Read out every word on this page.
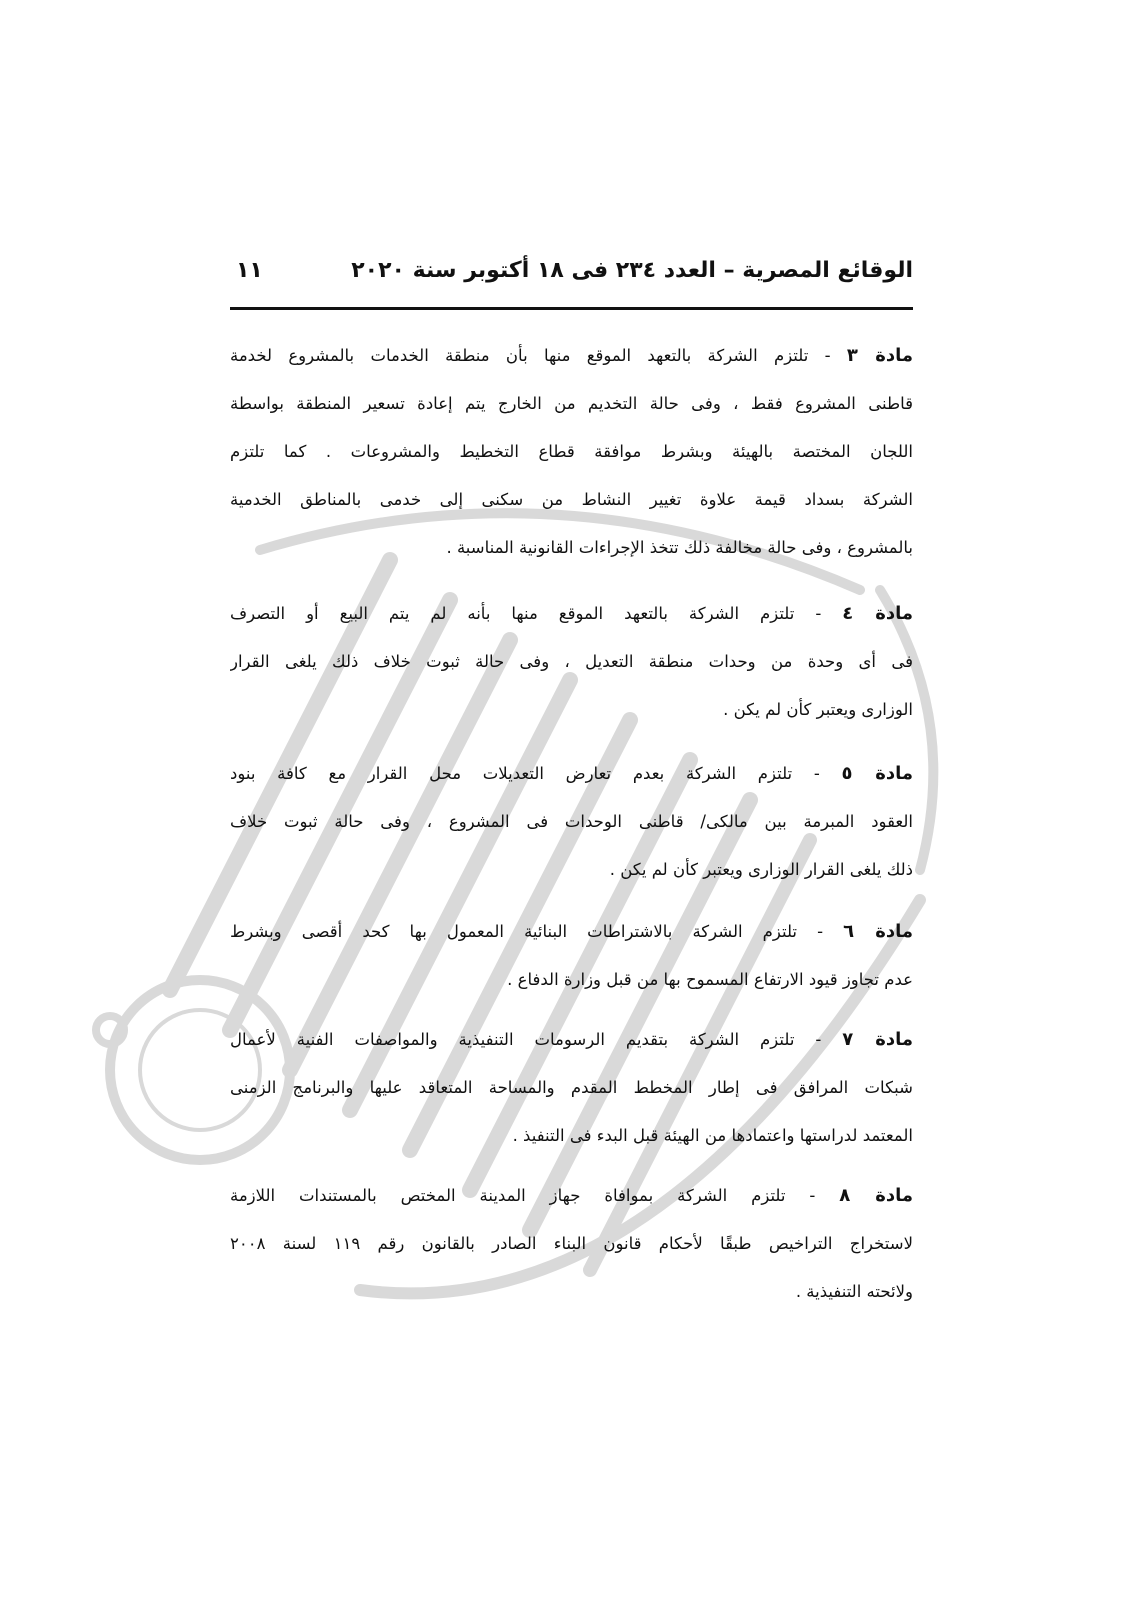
الوقائع المصرية – العدد ٢٣٤ فى ١٨ أكتوبر سنة ٢٠٢٠
١١
مادة ٣ - تلتزم الشركة بالتعهد الموقع منها بأن منطقة الخدمات بالمشروع لخدمة
قاطنى المشروع فقط ، وفى حالة التخديم من الخارج يتم إعادة تسعير المنطقة بواسطة
اللجان المختصة بالهيئة وبشرط موافقة قطاع التخطيط والمشروعات . كما تلتزم
الشركة بسداد قيمة علاوة تغيير النشاط من سكنى إلى خدمى بالمناطق الخدمية
بالمشروع ، وفى حالة مخالفة ذلك تتخذ الإجراءات القانونية المناسبة .
مادة ٤ - تلتزم الشركة بالتعهد الموقع منها بأنه لم يتم البيع أو التصرف
فى أى وحدة من وحدات منطقة التعديل ، وفى حالة ثبوت خلاف ذلك يلغى القرار
الوزارى ويعتبر كأن لم يكن .
مادة ٥ - تلتزم الشركة بعدم تعارض التعديلات محل القرار مع كافة بنود
العقود المبرمة بين مالكى/ قاطنى الوحدات فى المشروع ، وفى حالة ثبوت خلاف
ذلك يلغى القرار الوزارى ويعتبر كأن لم يكن .
مادة ٦ - تلتزم الشركة بالاشتراطات البنائية المعمول بها كحد أقصى وبشرط
عدم تجاوز قيود الارتفاع المسموح بها من قبل وزارة الدفاع .
مادة ٧ - تلتزم الشركة بتقديم الرسومات التنفيذية والمواصفات الفنية لأعمال
شبكات المرافق فى إطار المخطط المقدم والمساحة المتعاقد عليها والبرنامج الزمنى
المعتمد لدراستها واعتمادها من الهيئة قبل البدء فى التنفيذ .
مادة ٨ - تلتزم الشركة بموافاة جهاز المدينة المختص بالمستندات اللازمة
لاستخراج التراخيص طبقًا لأحكام قانون البناء الصادر بالقانون رقم ١١٩ لسنة ٢٠٠٨
ولائحته التنفيذية .
